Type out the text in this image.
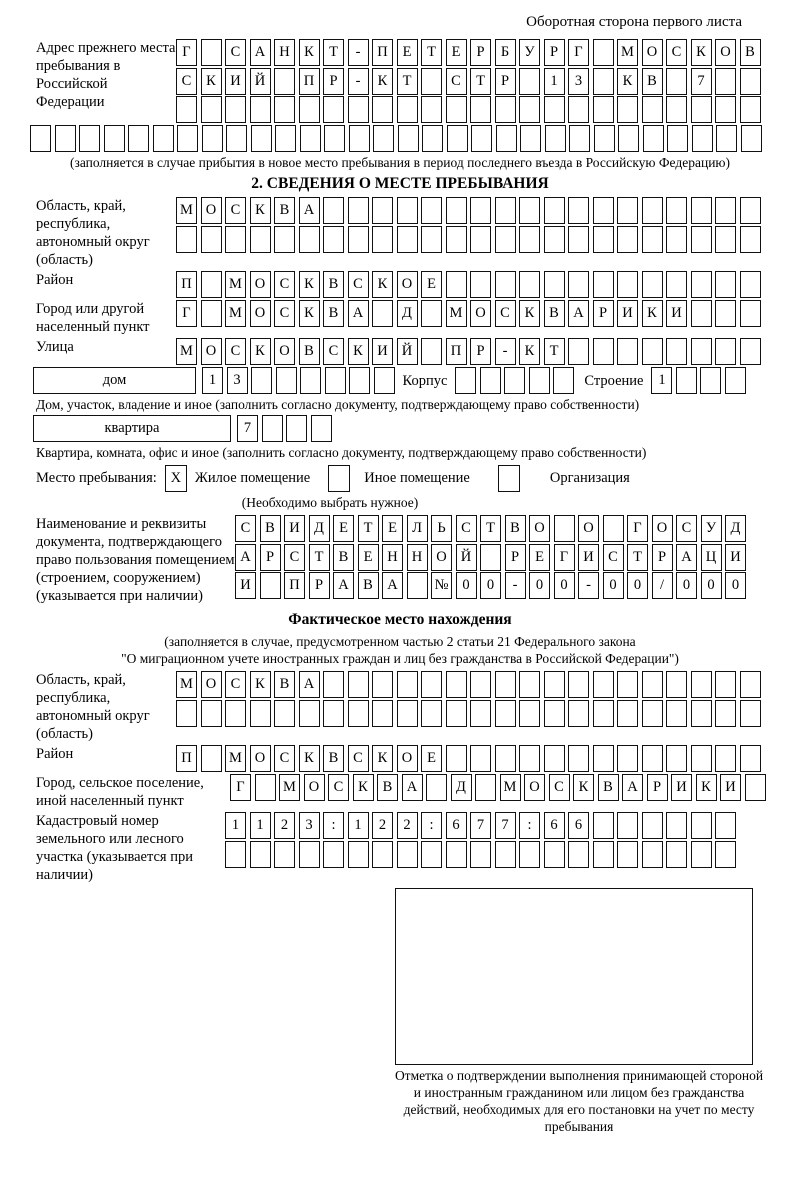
Оборотная сторона первого листа
Адрес прежнего места пребывания в Российской Федерации
Г	С А Н К	Т	-	П	Е	Т	Е	Р	Б	У	Р	Г	М О С	К О В
С	К И Й	П	Р	-	К	Т	С	Т	Р	1	3	К	В	7
(заполняется в случае прибытия в новое место пребывания в период последнего въезда в Российскую Федерацию)
2. СВЕДЕНИЯ О МЕСТЕ ПРЕБЫВАНИЯ
Область, край, республика, автономный округ (область)
М О С	К	В А
Район	П	М О С	К	В	С	К О	Е
Город или другой населенный пункт
Г	М О С	К	В А	Д	М О С	К	В А	Р	И К И
Улица	М О С	К О В	С	К И Й	П	Р	-	К	Т
дом	1	3	Корпус	Строение	1
Дом, участок, владение и иное (заполнить согласно документу, подтверждающему право собственности)
квартира	7
Квартира, комната, офис и иное (заполнить согласно документу, подтверждающему право собственности)
Место пребывания: X Жилое помещение	Иное помещение	Организация
(Необходимо выбрать нужное)
Наименование и реквизиты документа, подтверждающего право пользования помещением (строением, сооружением) (указывается при наличии)
С	В И Д	Е	Т	Е	Л	Ь	С	Т	В О	О	Г	О С	У Д
А	Р	С	Т	В	Е	Н Н О Й	Р	Е	Г	И С	Т	Р	А Ц И
И	П	Р	А В А	№ 0	0	-	0	0	-	0	0	/	0	0	0
Фактическое место нахождения
(заполняется в случае, предусмотренном частью 2 статьи 21 Федерального закона
"О миграционном учете иностранных граждан и лиц без гражданства в Российской Федерации")
Область, край, республика, автономный округ (область)
М О С	К	В А
Район	П	М О С	К	В	С	К О	Е
Город, сельское поселение, иной населенный пункт
Г	М О С	К	В А	Д	М О С	К	В А	Р	И К И
Кадастровый номер земельного или лесного участка (указывается при наличии)
1	1	2	3	:	1	2	2	:	6	7	7	:	6	6
Отметка о подтверждении выполнения принимающей стороной и иностранным гражданином или лицом без гражданства действий, необходимых для его постановки на учет по месту пребывания
